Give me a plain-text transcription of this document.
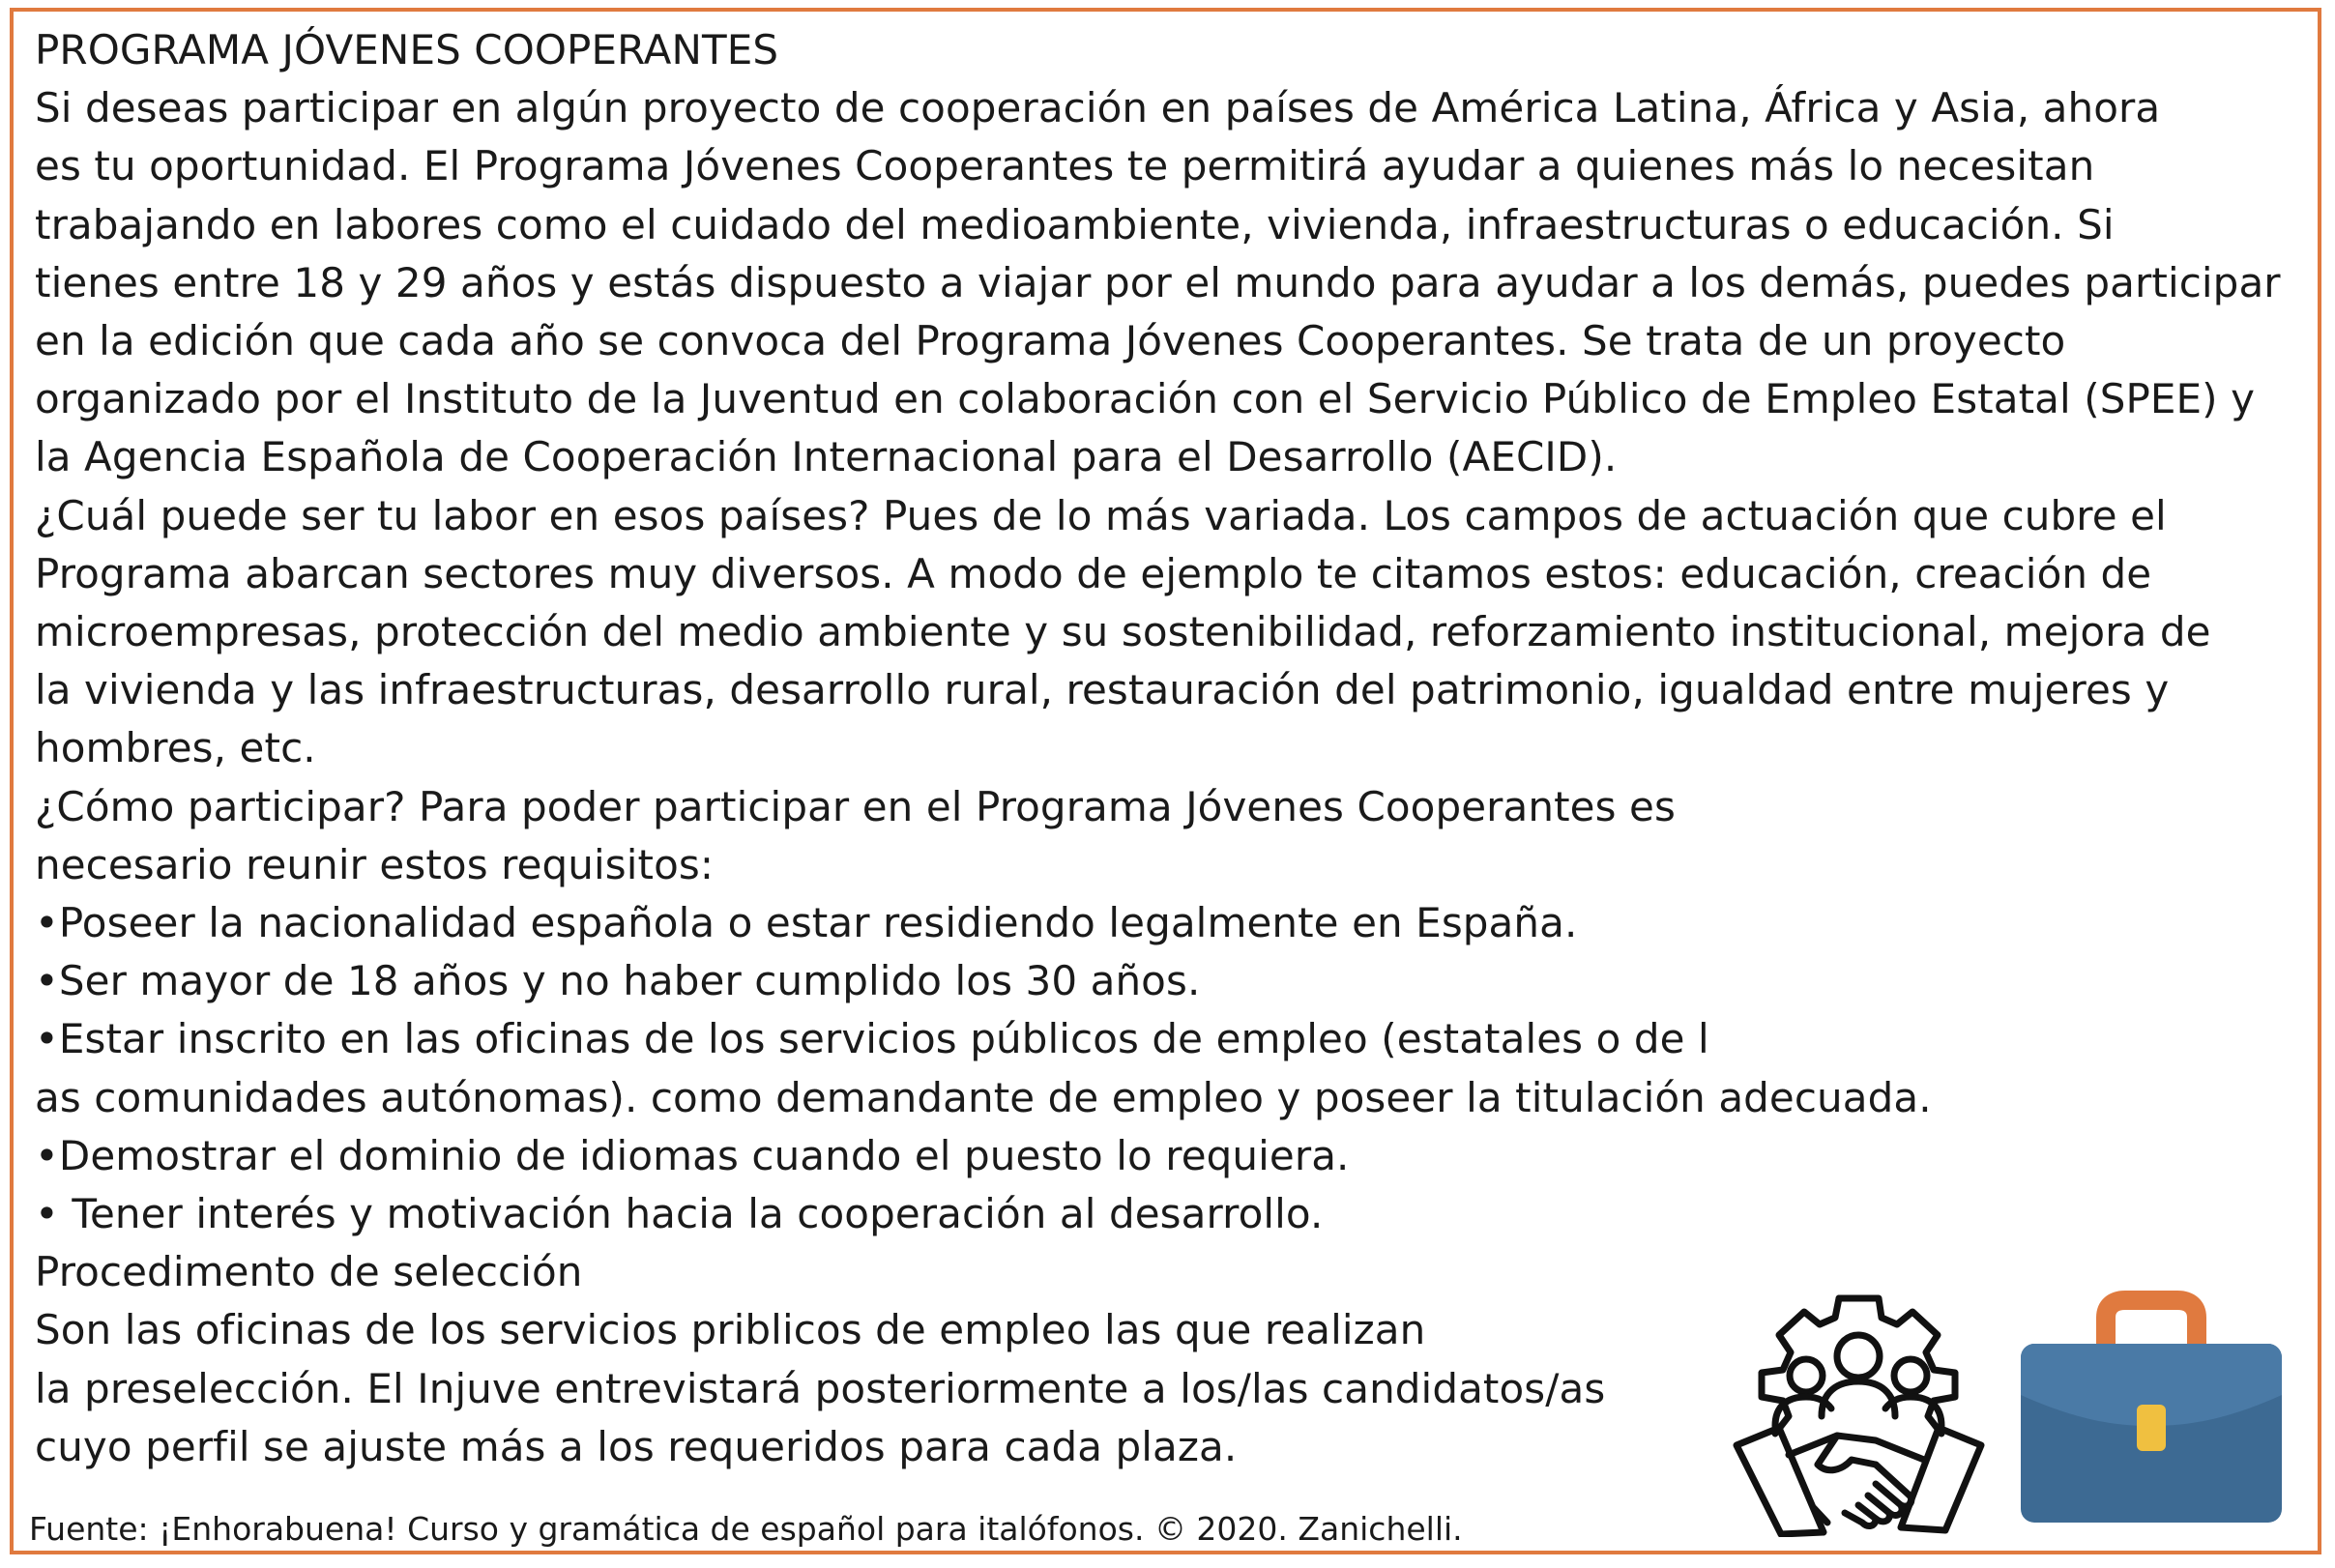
PROGRAMA JÓVENES COOPERANTES
Si deseas participar en algún proyecto de cooperación en países de América Latina, África y Asia, ahora
es tu oportunidad. El Programa Jóvenes Cooperantes te permitirá ayudar a quienes más lo necesitan
trabajando en labores como el cuidado del medioambiente, vivienda, infraestructuras o educación. Si
tienes entre 18 y 29 años y estás dispuesto a viajar por el mundo para ayudar a los demás, puedes participar
en la edición que cada año se convoca del Programa Jóvenes Cooperantes. Se trata de un proyecto
organizado por el Instituto de la Juventud en colaboración con el Servicio Público de Empleo Estatal (SPEE) y
la Agencia Española de Cooperación Internacional para el Desarrollo (AECID).
¿Cuál puede ser tu labor en esos países? Pues de lo más variada. Los campos de actuación que cubre el
Programa abarcan sectores muy diversos. A modo de ejemplo te citamos estos: educación, creación de
microempresas, protección del medio ambiente y su sostenibilidad, reforzamiento institucional, mejora de
la vivienda y las infraestructuras, desarrollo rural, restauración del patrimonio, igualdad entre mujeres y
hombres, etc.
¿Cómo participar? Para poder participar en el Programa Jóvenes Cooperantes es
necesario reunir estos requisitos:
•Poseer la nacionalidad española o estar residiendo legalmente en España.
•Ser mayor de 18 años y no haber cumplido los 30 años.
•Estar inscrito en las oficinas de los servicios públicos de empleo (estatales o de l
as comunidades autónomas). como demandante de empleo y poseer la titulación adecuada.
•Demostrar el dominio de idiomas cuando el puesto lo requiera.
• Tener interés y motivación hacia la cooperación al desarrollo.
Procedimento de selección
Son las oficinas de los servicios priblicos de empleo las que realizan
la preselección. El Injuve entrevistará posteriormente a los/las candidatos/as
cuyo perfil se ajuste más a los requeridos para cada plaza.
Fuente: ¡Enhorabuena! Curso y gramática de español para italófonos. © 2020. Zanichelli.
